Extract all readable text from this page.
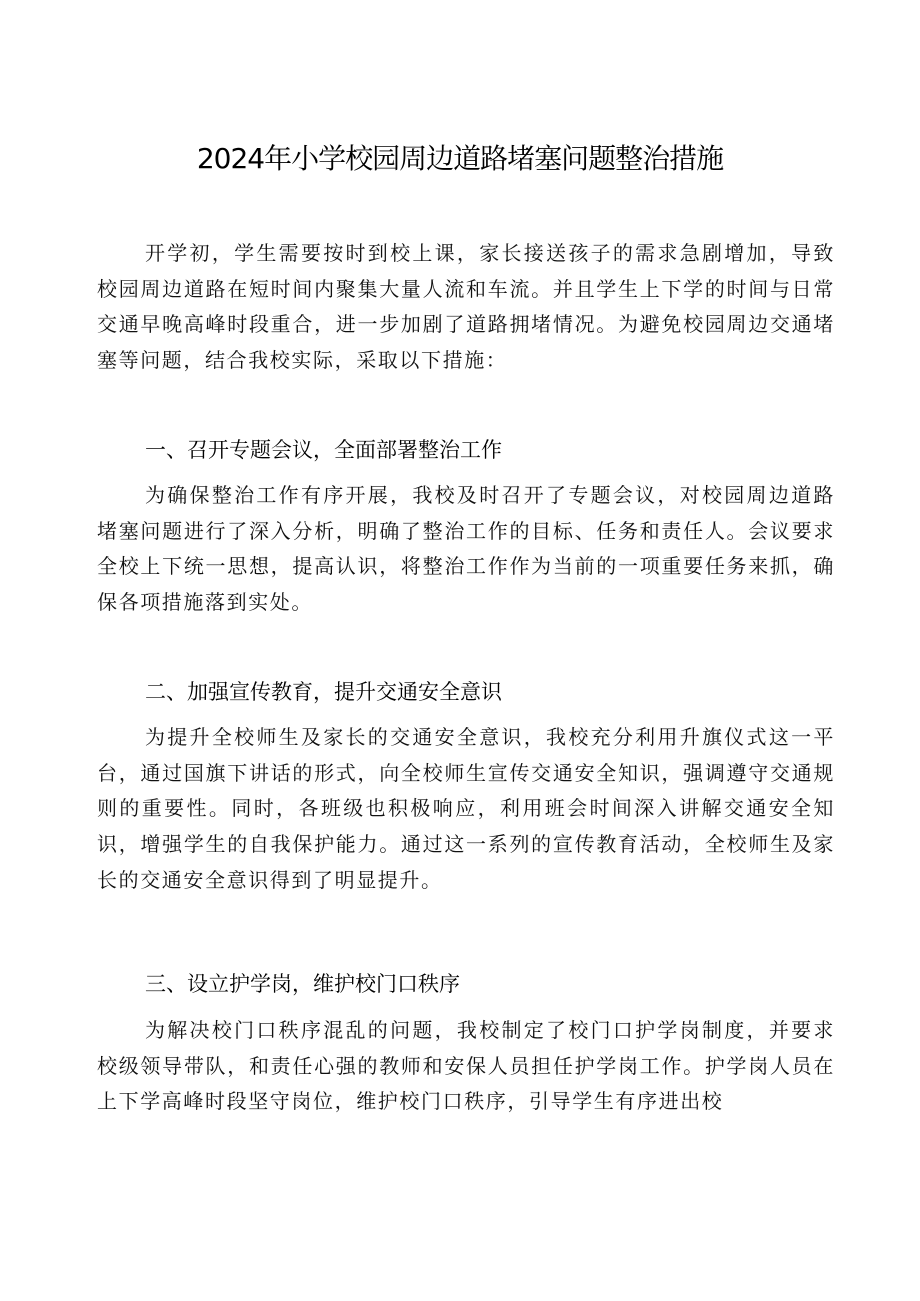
2024年小学校园周边道路堵塞问题整治措施

开学初，学生需要按时到校上课，家长接送孩子的需求急剧增加，导致校园周边道路在短时间内聚集大量人流和车流。并且学生上下学的时间与日常交通早晚高峰时段重合，进一步加剧了道路拥堵情况。为避免校园周边交通堵塞等问题，结合我校实际，采取以下措施：

一、召开专题会议，全面部署整治工作

为确保整治工作有序开展，我校及时召开了专题会议，对校园周边道路堵塞问题进行了深入分析，明确了整治工作的目标、任务和责任人。会议要求全校上下统一思想，提高认识，将整治工作作为当前的一项重要任务来抓，确保各项措施落到实处。

二、加强宣传教育，提升交通安全意识

为提升全校师生及家长的交通安全意识，我校充分利用升旗仪式这一平台，通过国旗下讲话的形式，向全校师生宣传交通安全知识，强调遵守交通规则的重要性。同时，各班级也积极响应，利用班会时间深入讲解交通安全知识，增强学生的自我保护能力。通过这一系列的宣传教育活动，全校师生及家长的交通安全意识得到了明显提升。

三、设立护学岗，维护校门口秩序

为解决校门口秩序混乱的问题，我校制定了校门口护学岗制度，并要求校级领导带队，和责任心强的教师和安保人员担任护学岗工作。护学岗人员在上下学高峰时段坚守岗位，维护校门口秩序，引导学生有序进出校
